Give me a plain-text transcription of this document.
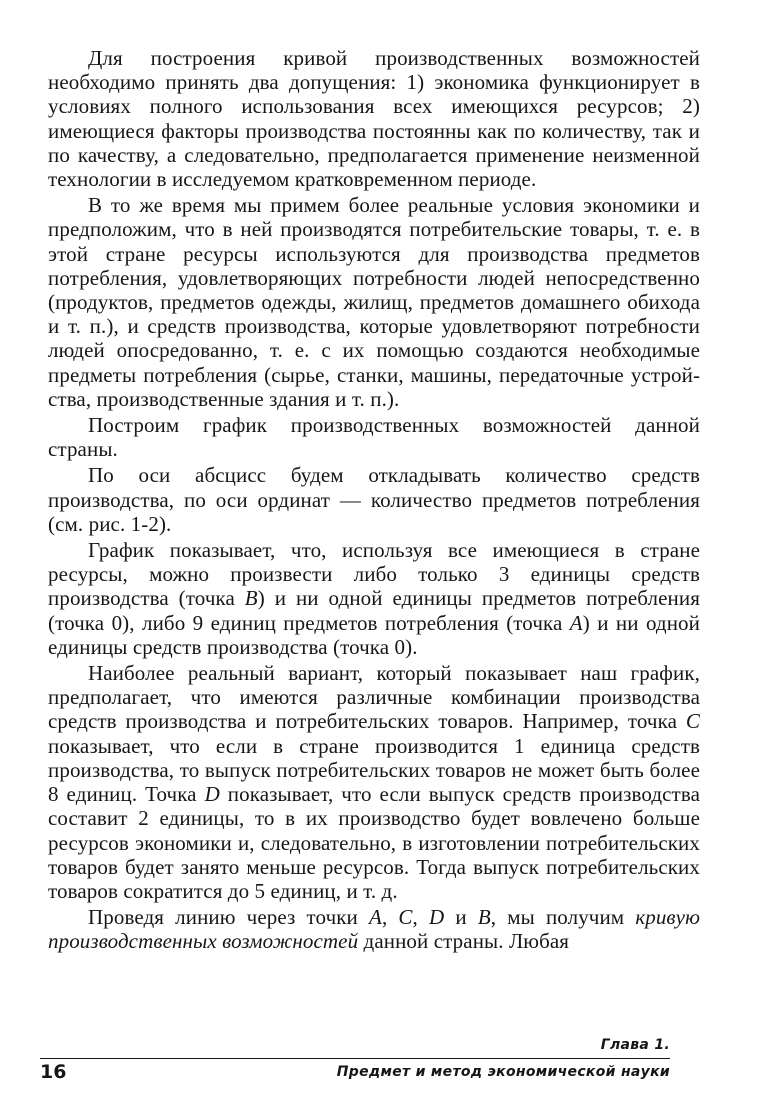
Для построения кривой производственных возможностей необходимо принять два допущения: 1) экономика функционирует в условиях полного использования всех имеющихся ресурсов; 2) имеющиеся факторы производства постоянны как по количеству, так и по качеству, а следовательно, предполагается применение неизменной технологии в исследуемом кратковременном периоде.

В то же время мы примем более реальные условия экономики и предположим, что в ней производятся потребительские товары, т. е. в этой стране ресурсы используются для производства предметов потребления, удовлетворяющих потребности людей непосредственно (продуктов, предметов одежды, жилищ, предметов домашнего обихода и т. п.), и средств производства, которые удовлетворяют потребности людей опосредованно, т. е. с их помощью создаются необходимые предметы потребления (сырье, станки, машины, передаточные устройства, производственные здания и т. п.).

Построим график производственных возможностей данной страны.

По оси абсцисс будем откладывать количество средств производства, по оси ординат — количество предметов потребления (см. рис. 1-2).

График показывает, что, используя все имеющиеся в стране ресурсы, можно произвести либо только 3 единицы средств производства (точка B) и ни одной единицы предметов потребления (точка 0), либо 9 единиц предметов потребления (точка A) и ни одной единицы средств производства (точка 0).

Наиболее реальный вариант, который показывает наш график, предполагает, что имеются различные комбинации производства средств производства и потребительских товаров. Например, точка C показывает, что если в стране производится 1 единица средств производства, то выпуск потребительских товаров не может быть более 8 единиц. Точка D показывает, что если выпуск средств производства составит 2 единицы, то в их производство будет вовлечено больше ресурсов экономики и, следовательно, в изготовлении потребительских товаров будет занято меньше ресурсов. Тогда выпуск потребительских товаров сократится до 5 единиц, и т. д.

Проведя линию через точки A, C, D и B, мы получим кривую производственных возможностей данной страны. Любая

Глава 1.
16	Предмет и метод экономической науки
